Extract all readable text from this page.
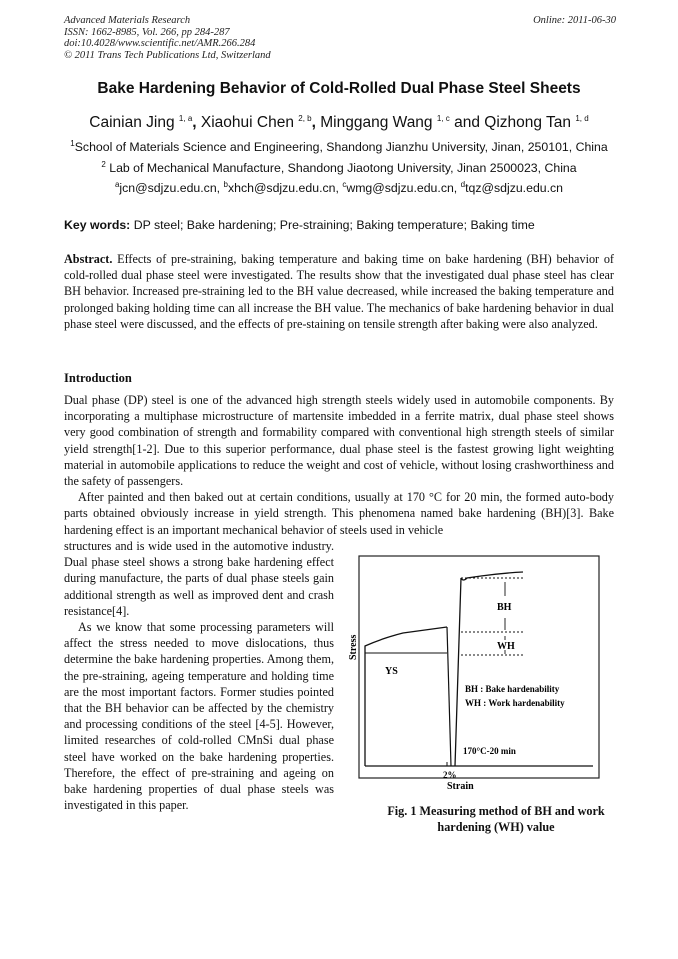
Advanced Materials Research
ISSN: 1662-8985, Vol. 266, pp 284-287
doi:10.4028/www.scientific.net/AMR.266.284
© 2011 Trans Tech Publications Ltd, Switzerland
Online: 2011-06-30
Bake Hardening Behavior of Cold-Rolled Dual Phase Steel Sheets
Cainian Jing $^{1, a}$, Xiaohui Chen $^{2, b}$, Minggang Wang $^{1, c}$ and Qizhong Tan $^{1, d}$
$^1$School of Materials Science and Engineering, Shandong Jianzhu University, Jinan, 250101, China
$^2$ Lab of Mechanical Manufacture, Shandong Jiaotong University, Jinan 2500023, China
$^a$jcn@sdjzu.edu.cn, $^b$xhch@sdjzu.edu.cn, $^c$wmg@sdjzu.edu.cn, $^d$tqz@sdjzu.edu.cn
Key words: DP steel; Bake hardening; Pre-straining; Baking temperature; Baking time
Abstract. Effects of pre-straining, baking temperature and baking time on bake hardening (BH) behavior of cold-rolled dual phase steel were investigated. The results show that the investigated dual phase steel has clear BH behavior. Increased pre-straining led to the BH value decreased, while increased the baking temperature and prolonged baking holding time can all increase the BH value. The mechanics of bake hardening behavior in dual phase steel were discussed, and the effects of pre-staining on tensile strength after baking were also analyzed.
Introduction

Dual phase (DP) steel is one of the advanced high strength steels widely used in automobile components. By incorporating a multiphase microstructure of martensite imbedded in a ferrite matrix, dual phase steel shows very good combination of strength and formability compared with conventional high strength steels of similar yield strength[1-2]. Due to this superior performance, dual phase steel is the fastest growing light weighting material in automobile applications to reduce the weight and cost of vehicle, without losing crashworthiness and the safety of passengers.

After painted and then baked out at certain conditions, usually at 170 °C for 20 min, the formed auto-body parts obtained obviously increase in yield strength. This phenomena named bake hardening (BH)[3]. Bake hardening effect is an important mechanical behavior of steels used in vehicle

structures and is wide used in the automotive industry. Dual phase steel shows a strong bake hardening effect during manufacture, the parts of dual phase steels gain additional strength as well as improved dent and crash resistance[4].

As we know that some processing parameters will affect the stress needed to move dislocations, thus determine the bake hardening properties. Among them, the pre-straining, ageing temperature and holding time are the most important factors. Former studies pointed that the BH behavior can be affected by the chemistry and processing conditions of the steel [4-5]. However, limited researches of cold-rolled CMnSi dual phase steel have worked on the bake hardening properties. Therefore, the effect of pre-straining and ageing on bake hardening properties of dual phase steels was investigated in this paper.

Strain
Stress
BH
WH
YS
BH : Bake hardenability
WH : Work hardenability
170°C-20 min
2%
Fig. 1 Measuring method of BH and work hardening (WH) value
